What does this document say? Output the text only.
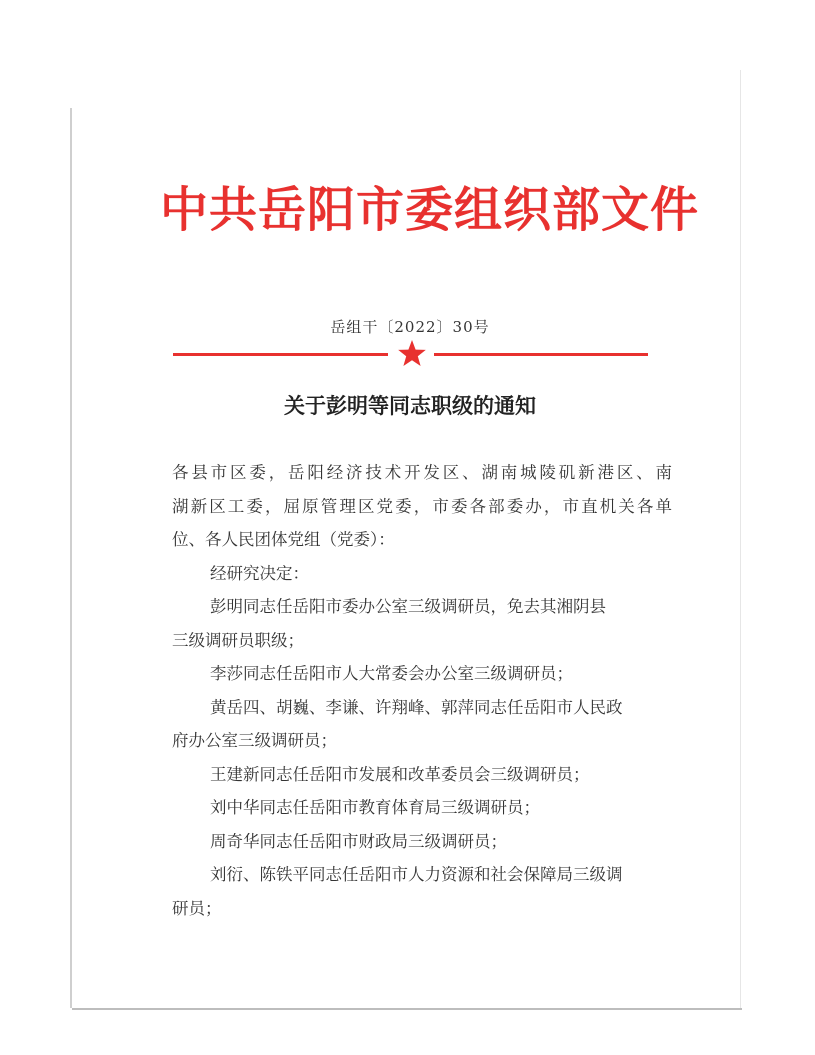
中共岳阳市委组织部文件
岳组干〔2022〕30号
关于彭明等同志职级的通知
各县市区委，岳阳经济技术开发区、湖南城陵矶新港区、南
湖新区工委，屈原管理区党委，市委各部委办，市直机关各单
位、各人民团体党组（党委）：
经研究决定：
彭明同志任岳阳市委办公室三级调研员，免去其湘阴县
三级调研员职级；
李莎同志任岳阳市人大常委会办公室三级调研员；
黄岳四、胡巍、李谦、许翔峰、郭萍同志任岳阳市人民政
府办公室三级调研员；
王建新同志任岳阳市发展和改革委员会三级调研员；
刘中华同志任岳阳市教育体育局三级调研员；
周奇华同志任岳阳市财政局三级调研员；
刘衍、陈铁平同志任岳阳市人力资源和社会保障局三级调
研员；
